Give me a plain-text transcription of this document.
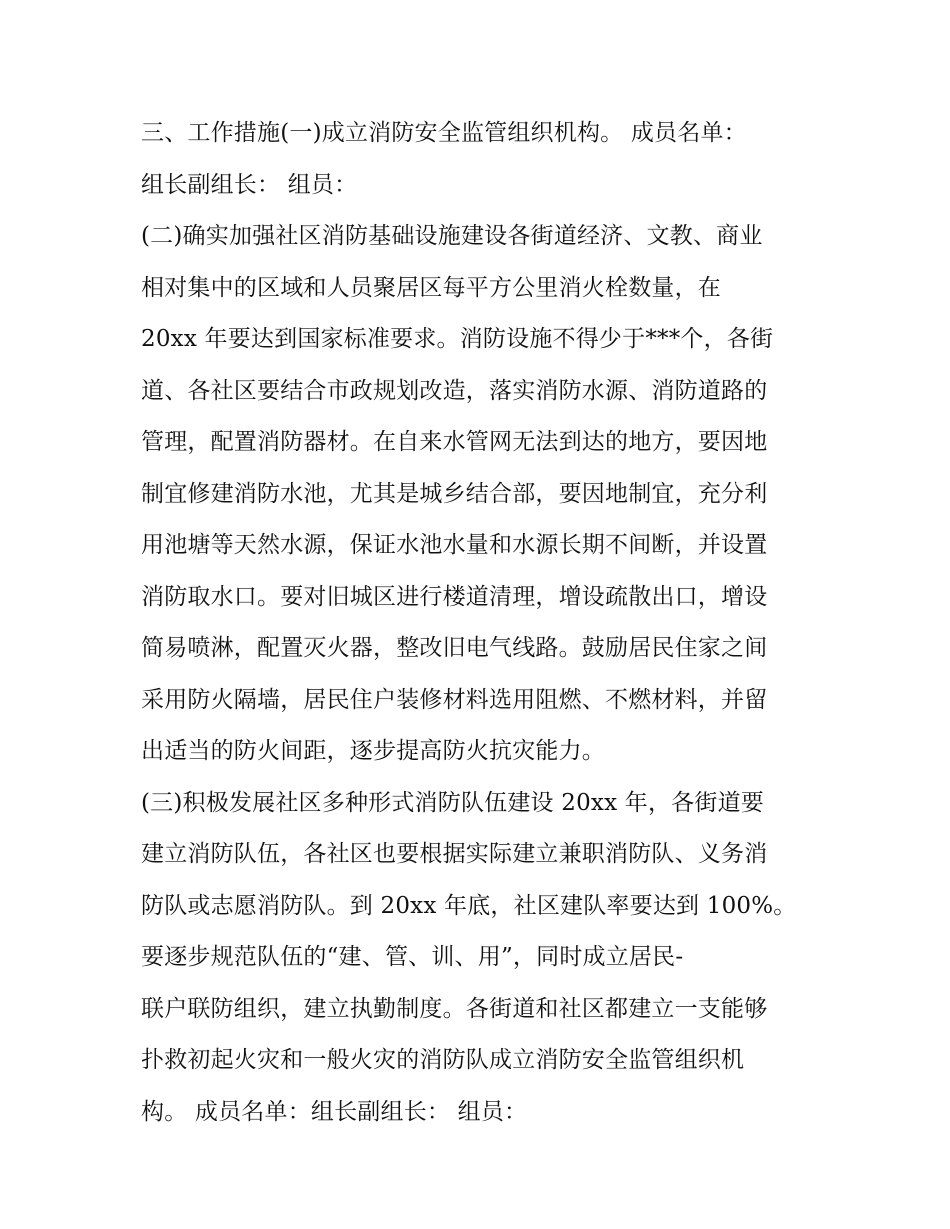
三、工作措施(一)成立消防安全监管组织机构。 成员名单：
组长副组长： 组员：
(二)确实加强社区消防基础设施建设各街道经济、文教、商业
相对集中的区域和人员聚居区每平方公里消火栓数量，在
20xx 年要达到国家标准要求。消防设施不得少于***个，各街
道、各社区要结合市政规划改造，落实消防水源、消防道路的
管理，配置消防器材。在自来水管网无法到达的地方，要因地
制宜修建消防水池，尤其是城乡结合部，要因地制宜，充分利
用池塘等天然水源，保证水池水量和水源长期不间断，并设置
消防取水口。要对旧城区进行楼道清理，增设疏散出口，增设
简易喷淋，配置灭火器，整改旧电气线路。鼓励居民住家之间
采用防火隔墙，居民住户装修材料选用阻燃、不燃材料，并留
出适当的防火间距，逐步提高防火抗灾能力。
(三)积极发展社区多种形式消防队伍建设 20xx 年，各街道要
建立消防队伍，各社区也要根据实际建立兼职消防队、义务消
防队或志愿消防队。到 20xx 年底，社区建队率要达到 100%。
要逐步规范队伍的“建、管、训、用”，同时成立居民-
联户联防组织，建立执勤制度。各街道和社区都建立一支能够
扑救初起火灾和一般火灾的消防队成立消防安全监管组织机
构。 成员名单：组长副组长： 组员：
